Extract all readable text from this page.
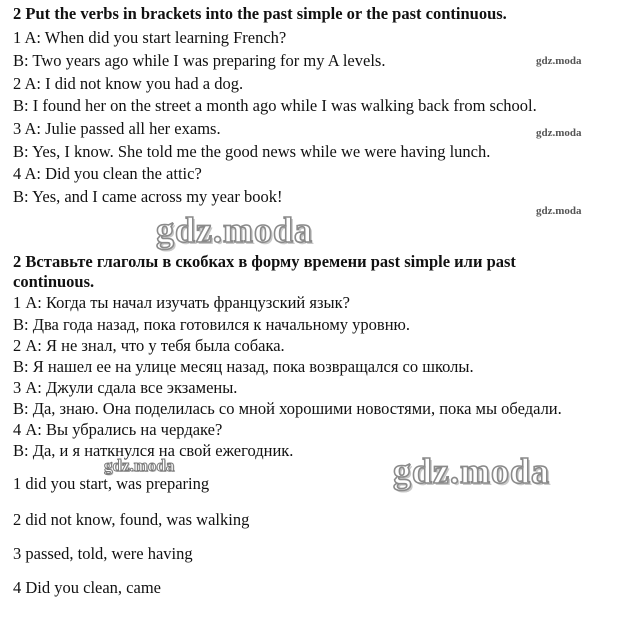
2 Put the verbs in brackets into the past simple or the past continuous.
1 A: When did you start learning French?
B: Two years ago while I was preparing for my A levels.
2 A: I did not know you had a dog.
B: I found her on the street a month ago while I was walking back from school.
3 A: Julie passed all her exams.
B: Yes, I know. She told me the good news while we were having lunch.
4 A: Did you clean the attic?
B: Yes, and I came across my year book!
2 Вставьте глаголы в скобках в форму времени past simple или past
continuous.
1 А: Когда ты начал изучать французский язык?
В: Два года назад, пока готовился к начальному уровню.
2 А: Я не знал, что у тебя была собака.
В: Я нашел ее на улице месяц назад, пока возвращался со школы.
3 А: Джули сдала все экзамены.
В: Да, знаю. Она поделилась со мной хорошими новостями, пока мы обедали.
4 А: Вы убрались на чердаке?
В: Да, и я наткнулся на свой ежегодник.
1 did you start, was preparing
2 did not know, found, was walking
3 passed, told, were having
4 Did you clean, came
gdz.moda
gdz.moda
gdz.moda
gdz.moda
gdz.moda	gdz.moda
